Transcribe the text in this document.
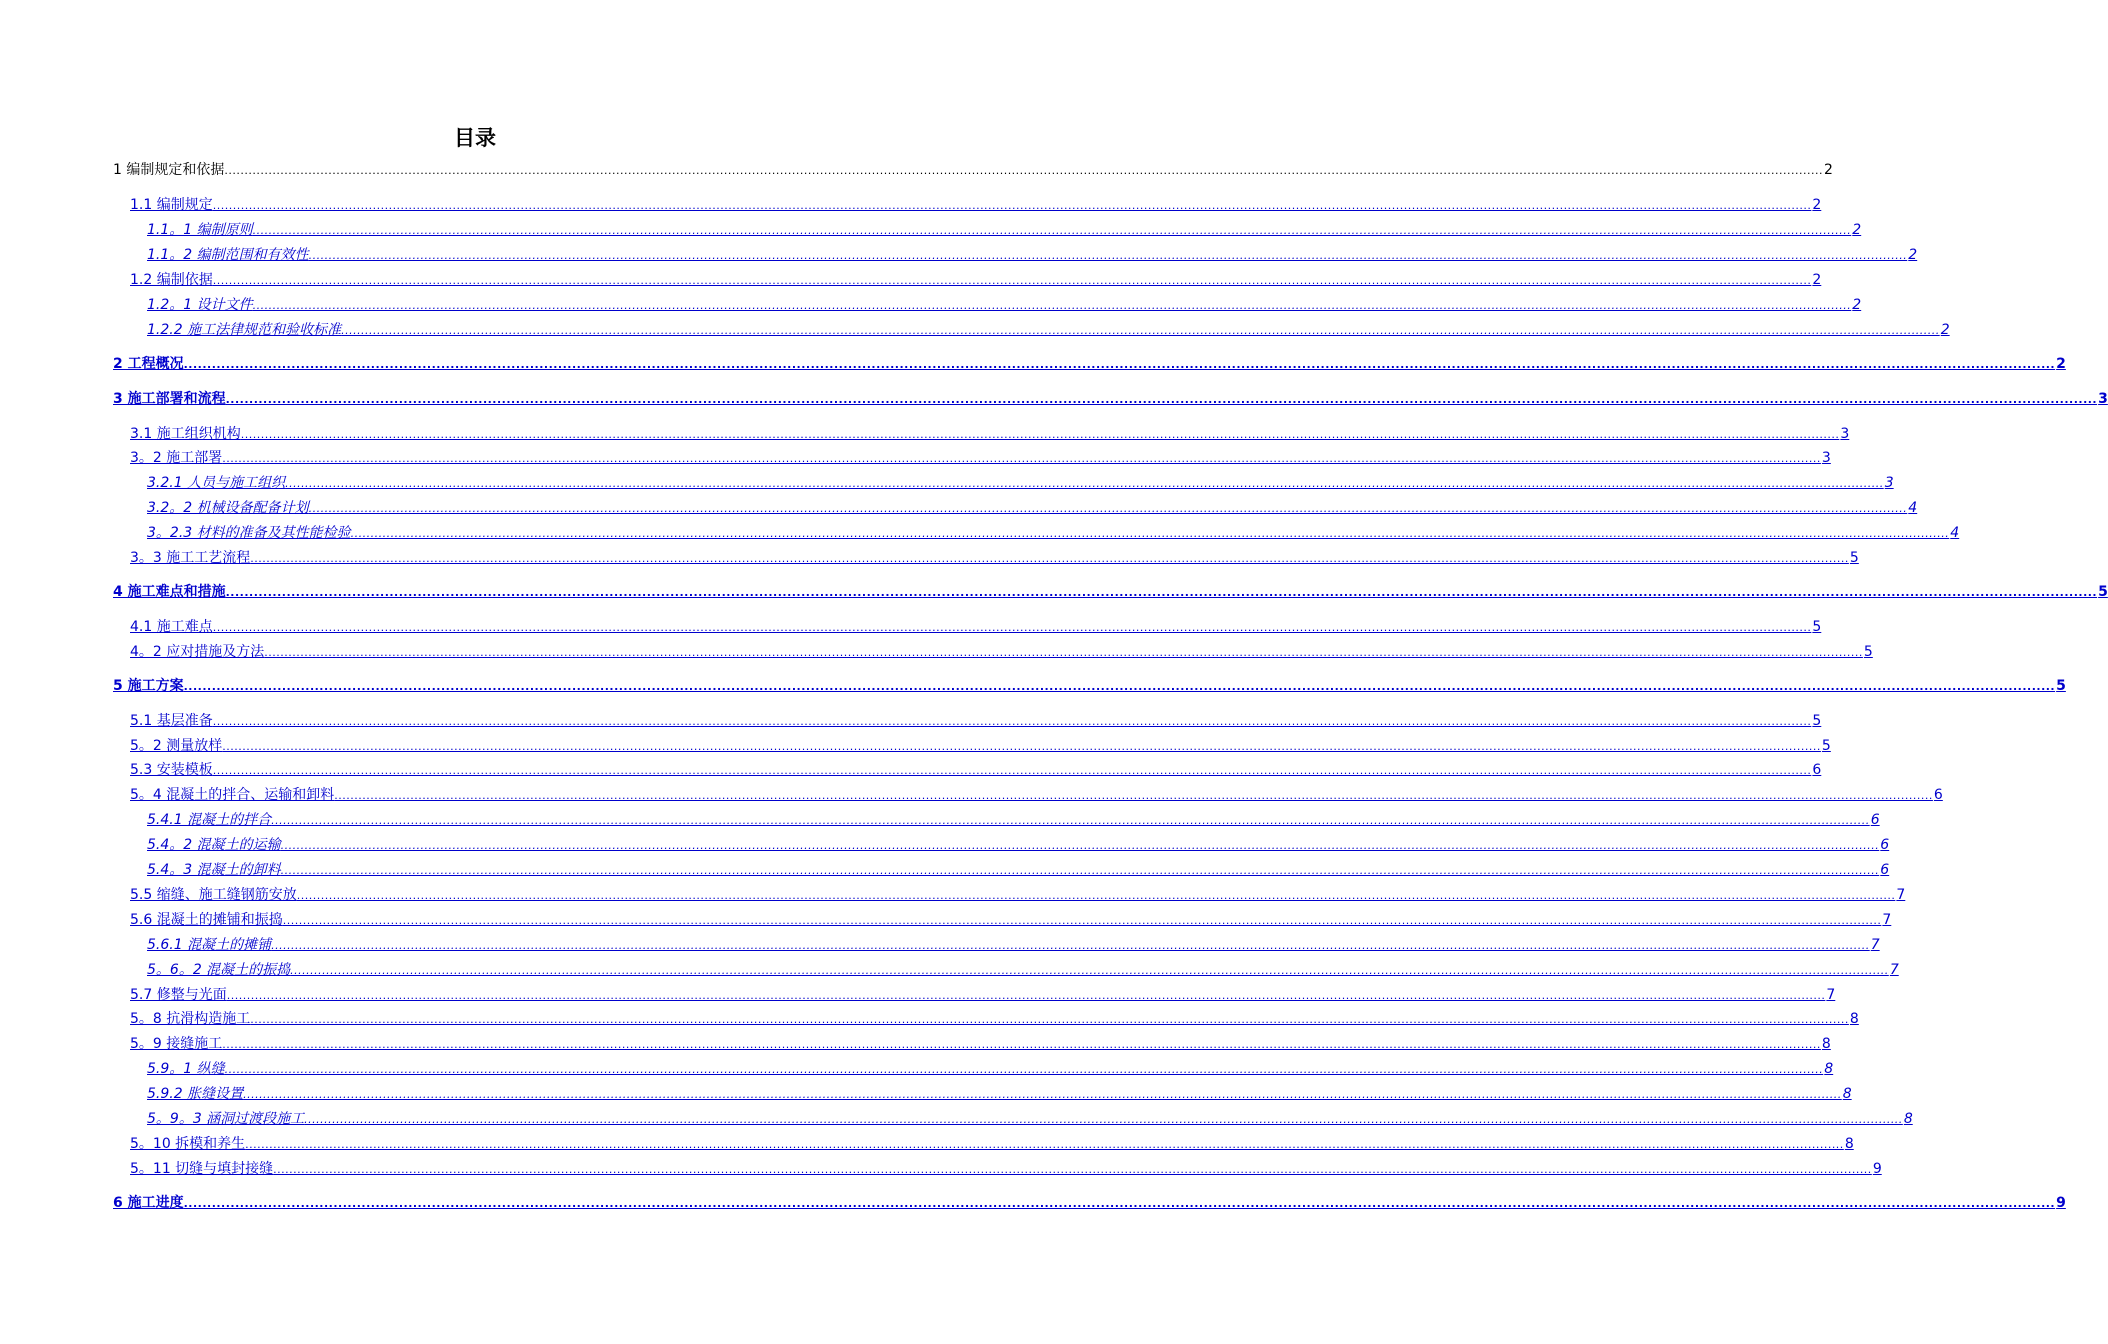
目录
1 编制规定和依据 ................................................................................................................................................................................................................................................................................................................................................................................................................ 2
1.1 编制规定 ................................................................................................................................................................................................................................................................................................................................................................................................................ 2
1.1。1 编制原则 ................................................................................................................................................................................................................................................................................................................................................................................................................ 2
1.1。2 编制范围和有效性 ................................................................................................................................................................................................................................................................................................................................................................................................................ 2
1.2 编制依据 ................................................................................................................................................................................................................................................................................................................................................................................................................ 2
1.2。1 设计文件 ................................................................................................................................................................................................................................................................................................................................................................................................................ 2
1.2.2 施工法律规范和验收标准 ................................................................................................................................................................................................................................................................................................................................................................................................................ 2
2 工程概况 ................................................................................................................................................................................................................................................................................................................................................................................................................ 2
3 施工部署和流程 ................................................................................................................................................................................................................................................................................................................................................................................................................ 3
3.1 施工组织机构 ................................................................................................................................................................................................................................................................................................................................................................................................................ 3
3。2 施工部署 ................................................................................................................................................................................................................................................................................................................................................................................................................ 3
3.2.1 人员与施工组织 ................................................................................................................................................................................................................................................................................................................................................................................................................ 3
3.2。2 机械设备配备计划 ................................................................................................................................................................................................................................................................................................................................................................................................................ 4
3。2.3 材料的准备及其性能检验 ................................................................................................................................................................................................................................................................................................................................................................................................................ 4
3。3 施工工艺流程 ................................................................................................................................................................................................................................................................................................................................................................................................................ 5
4 施工难点和措施 ................................................................................................................................................................................................................................................................................................................................................................................................................ 5
4.1 施工难点 ................................................................................................................................................................................................................................................................................................................................................................................................................ 5
4。2 应对措施及方法 ................................................................................................................................................................................................................................................................................................................................................................................................................ 5
5 施工方案 ................................................................................................................................................................................................................................................................................................................................................................................................................ 5
5.1 基层准备 ................................................................................................................................................................................................................................................................................................................................................................................................................ 5
5。2 测量放样 ................................................................................................................................................................................................................................................................................................................................................................................................................ 5
5.3 安装模板 ................................................................................................................................................................................................................................................................................................................................................................................................................ 6
5。4 混凝土的拌合、运输和卸料 ................................................................................................................................................................................................................................................................................................................................................................................................................ 6
5.4.1 混凝土的拌合 ................................................................................................................................................................................................................................................................................................................................................................................................................ 6
5.4。2 混凝土的运输 ................................................................................................................................................................................................................................................................................................................................................................................................................ 6
5.4。3 混凝土的卸料 ................................................................................................................................................................................................................................................................................................................................................................................................................ 6
5.5 缩缝、施工缝钢筋安放 ................................................................................................................................................................................................................................................................................................................................................................................................................ 7
5.6 混凝土的摊铺和振捣 ................................................................................................................................................................................................................................................................................................................................................................................................................ 7
5.6.1 混凝土的摊铺 ................................................................................................................................................................................................................................................................................................................................................................................................................ 7
5。6。2 混凝土的振捣 ................................................................................................................................................................................................................................................................................................................................................................................................................ 7
5.7 修整与光面 ................................................................................................................................................................................................................................................................................................................................................................................................................ 7
5。8 抗滑构造施工 ................................................................................................................................................................................................................................................................................................................................................................................................................ 8
5。9 接缝施工 ................................................................................................................................................................................................................................................................................................................................................................................................................ 8
5.9。1 纵缝 ................................................................................................................................................................................................................................................................................................................................................................................................................ 8
5.9.2 胀缝设置 ................................................................................................................................................................................................................................................................................................................................................................................................................ 8
5。9。3 涵洞过渡段施工 ................................................................................................................................................................................................................................................................................................................................................................................................................ 8
5。10 拆模和养生 ................................................................................................................................................................................................................................................................................................................................................................................................................ 8
5。11 切缝与填封接缝 ................................................................................................................................................................................................................................................................................................................................................................................................................ 9
6 施工进度 ................................................................................................................................................................................................................................................................................................................................................................................................................ 9
